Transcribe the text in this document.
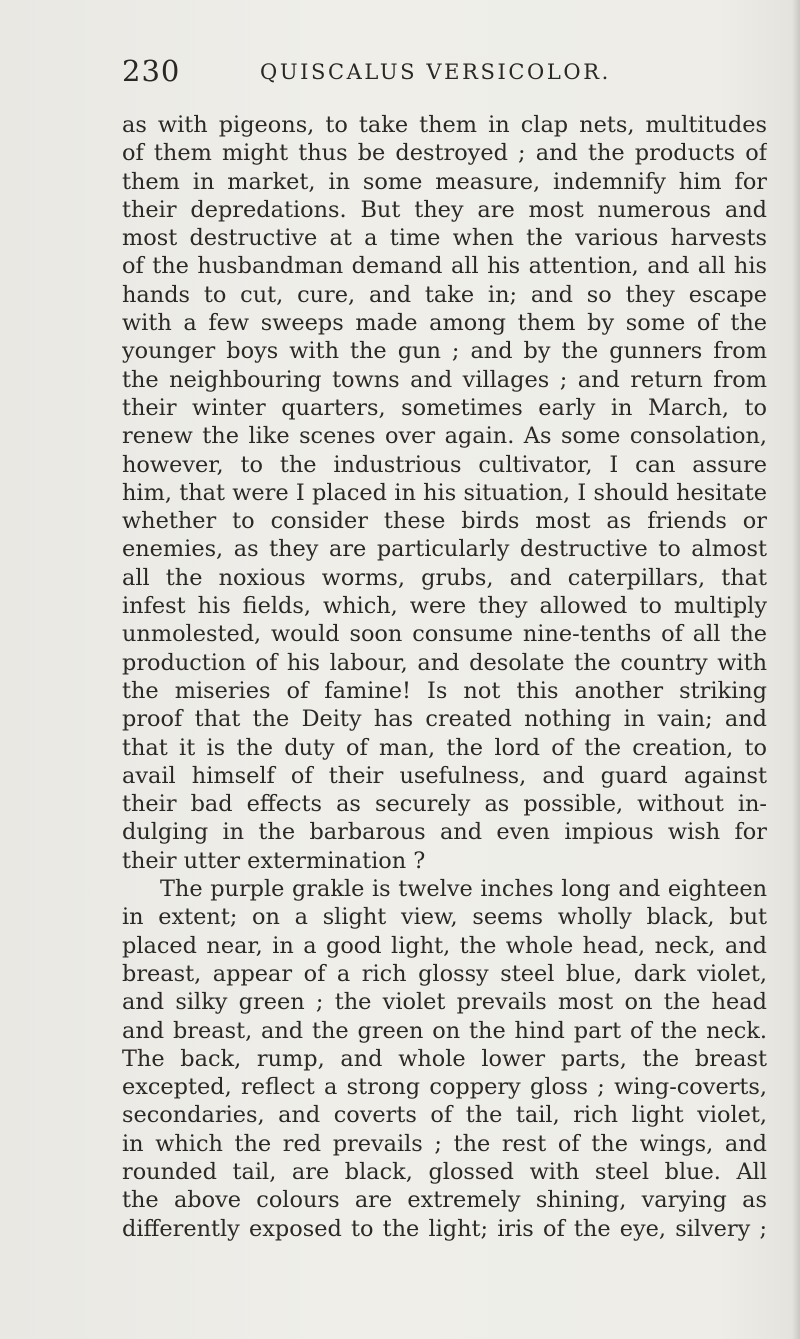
230	QUISCALUS VERSICOLOR.
as with pigeons, to take them in clap nets, multitudes
of them might thus be destroyed ; and the products of
them in market, in some measure, indemnify him for
their depredations. But they are most numerous and
most destructive at a time when the various harvests
of the husbandman demand all his attention, and all his
hands to cut, cure, and take in; and so they escape
with a few sweeps made among them by some of the
younger boys with the gun ; and by the gunners from
the neighbouring towns and villages ; and return from
their winter quarters, sometimes early in March, to
renew the like scenes over again. As some consolation,
however, to the industrious cultivator, I can assure
him, that were I placed in his situation, I should hesitate
whether to consider these birds most as friends or
enemies, as they are particularly destructive to almost
all the noxious worms, grubs, and caterpillars, that
infest his fields, which, were they allowed to multiply
unmolested, would soon consume nine-tenths of all the
production of his labour, and desolate the country with
the miseries of famine! Is not this another striking
proof that the Deity has created nothing in vain; and
that it is the duty of man, the lord of the creation, to
avail himself of their usefulness, and guard against
their bad effects as securely as possible, without in-
dulging in the barbarous and even impious wish for
their utter extermination ?
The purple grakle is twelve inches long and eighteen
in extent; on a slight view, seems wholly black, but
placed near, in a good light, the whole head, neck, and
breast, appear of a rich glossy steel blue, dark violet,
and silky green ; the violet prevails most on the head
and breast, and the green on the hind part of the neck.
The back, rump, and whole lower parts, the breast
excepted, reflect a strong coppery gloss ; wing-coverts,
secondaries, and coverts of the tail, rich light violet,
in which the red prevails ; the rest of the wings, and
rounded tail, are black, glossed with steel blue. All
the above colours are extremely shining, varying as
differently exposed to the light; iris of the eye, silvery ;
